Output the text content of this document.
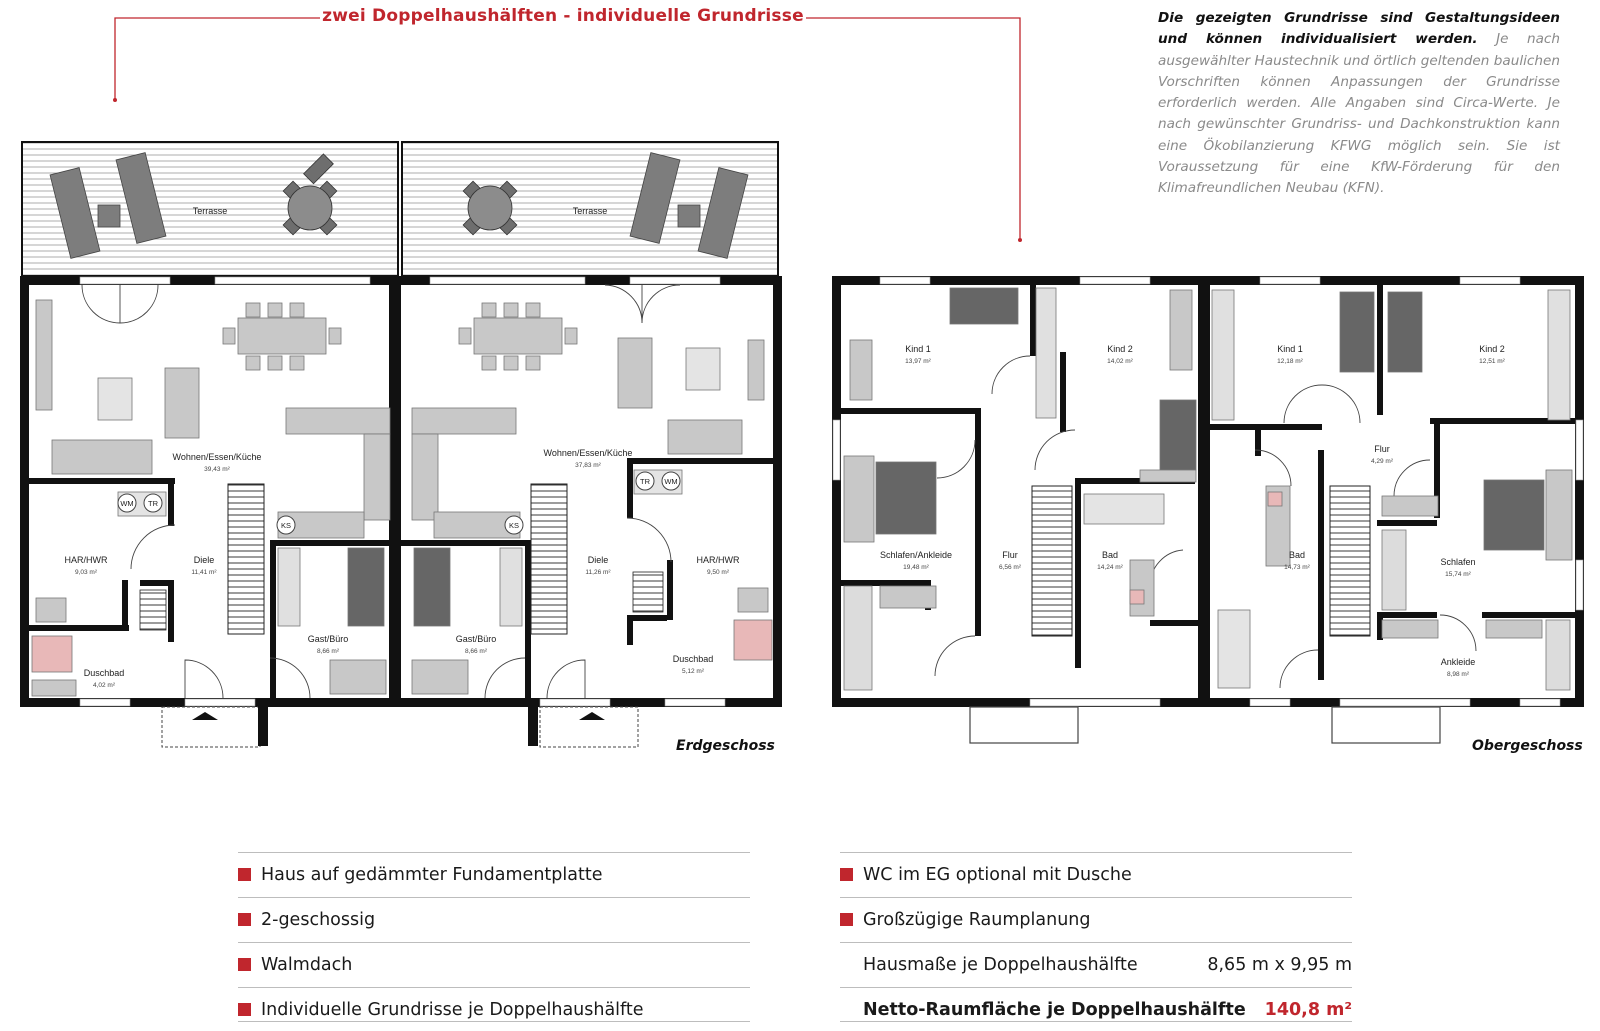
zwei Doppelhaushälften - individuelle Grundrisse	Die gezeigten Grundrisse sind Gestaltungsideen und können individualisiert werden. Je nach ausgewählter Haustechnik und örtlich geltenden baulichen Vorschriften können Anpassungen der Grundrisse erforderlich werden. Alle Angaben sind Circa-Werte. Je nach gewünschter Grundriss- und Dachkonstruktion kann eine Ökobilanzierung KFWG möglich sein. Sie ist Voraussetzung für eine KfW-Förderung für den Klimafreundlichen Neubau (KFN).
WM TR
KS	KS
TR WM
Terrasse	Terrasse
Wohnen/Essen/Küche
39,43 m²
HAR/HWR
9,03 m²
Diele
11,41 m²
Gast/Büro
8,66 m²
Duschbad
4,02 m²
Wohnen/Essen/Küche
37,83 m²
HAR/HWR
9,50 m²
Diele
11,26 m²
Gast/Büro
8,66 m²
Duschbad
5,12 m²
Kind 1
13,97 m²
Kind 2
14,02 m²
Schlafen/Ankleide
19,48 m²
Flur
6,56 m²
Bad
14,24 m²
Kind 1
12,18 m²
Kind 2
12,51 m²
Flur
4,29 m²
Bad
14,73 m²
Schlafen
15,74 m²
Ankleide
8,98 m²
Erdgeschoss	Obergeschoss
Haus auf gedämmter Fundamentplatte
2-geschossig
Walmdach
Individuelle Grundrisse je Doppelhaushälfte
WC im EG optional mit Dusche
Großzügige Raumplanung
Hausmaße je Doppelhaushälfte	8,65 m x 9,95 m
Netto-Raumfläche je Doppelhaushälfte 140,8 m²
